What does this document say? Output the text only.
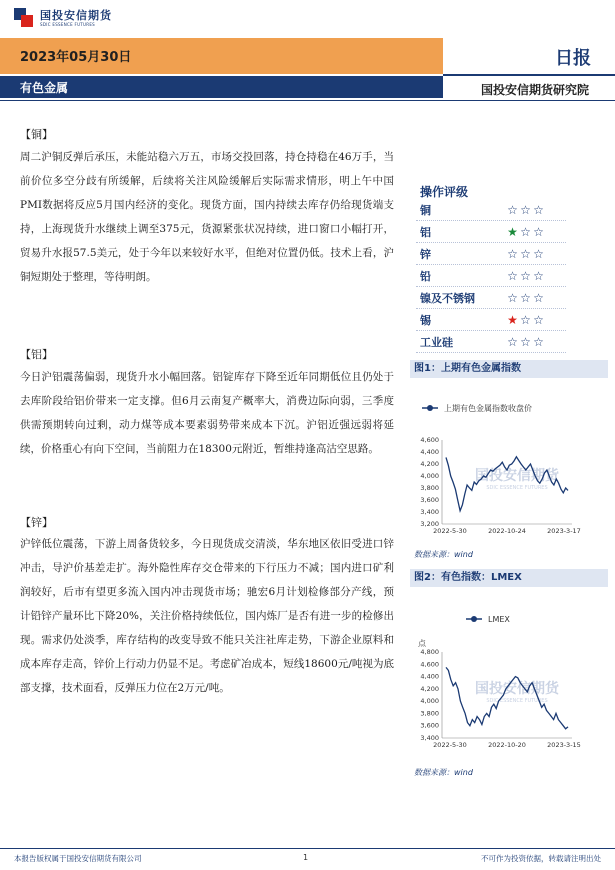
国投安信期货
SDIC ESSENCE FUTURES
2023年05月30日	日报
有色金属	国投安信期货研究院
【铜】

周二沪铜反弹后承压，未能站稳六万五，市场交投回落，持仓持稳在46万手，当前价位多空分歧有所缓解，后续将关注风险缓解后实际需求情形，明上午中国PMI数据将反应5月国内经济的变化。现货方面，国内持续去库存仍给现货端支持，上海现货升水继续上调至375元，货源紧张状况持续，进口窗口小幅打开，贸易升水报57.5美元，处于今年以来较好水平，但绝对位置仍低。技术上看，沪铜短期处于整理，等待明朗。

【铝】

今日沪铝震荡偏弱，现货升水小幅回落。铝锭库存下降至近年同期低位且仍处于去库阶段给铝价带来一定支撑。但6月云南复产概率大，消费边际向弱，三季度供需预期转向过剩，动力煤等成本要素弱势带来成本下沉。沪铝近强远弱将延续，价格重心有向下空间，当前阻力在18300元附近，暂维持逢高沽空思路。

【锌】

沪锌低位震荡，下游上周备货较多，今日现货成交清淡，华东地区依旧受进口锌冲击，导沪价基差走扩。海外隐性库存交仓带来的下行压力不减；国内进口矿利润较好，后市有望更多流入国内冲击现货市场；驰宏6月计划检修部分产线，预计铅锌产量环比下降20%，关注价格持续低位，国内炼厂是否有进一步的检修出现。需求仍处淡季，库存结构的改变导致不能只关注社库走势，下游企业原料和成本库存走高，锌价上行动力仍显不足。考虑矿冶成本，短线18600元/吨视为底部支撑，技术面看，反弹压力位在2万元/吨。

操作评级
铜	☆ ☆ ☆
铝	★ ☆ ☆
锌	☆ ☆ ☆
铅	☆ ☆ ☆
镍及不锈钢	☆ ☆ ☆
锡	★ ☆ ☆
工业硅	☆ ☆ ☆
图1：上期有色金属指数
上期有色金属指数收盘价
国投安信期货
SDIC ESSENCE FUTURES
4,600
4,400
4,200
4,000
3,800
3,600
3,400
3,200
2022-5-30	2022-10-24	2023-3-17
数据来源：wind
图2：有色指数：LMEX
LMEX
点
国投安信期货
SDIC ESSENCE FUTURES
4,800
4,600
4,400
4,200
4,000
3,800
3,600
3,400
2022-5-30	2022-10-20	2023-3-15
数据来源：wind
本报告版权属于国投安信期货有限公司	1	不可作为投资依据，转载请注明出处
